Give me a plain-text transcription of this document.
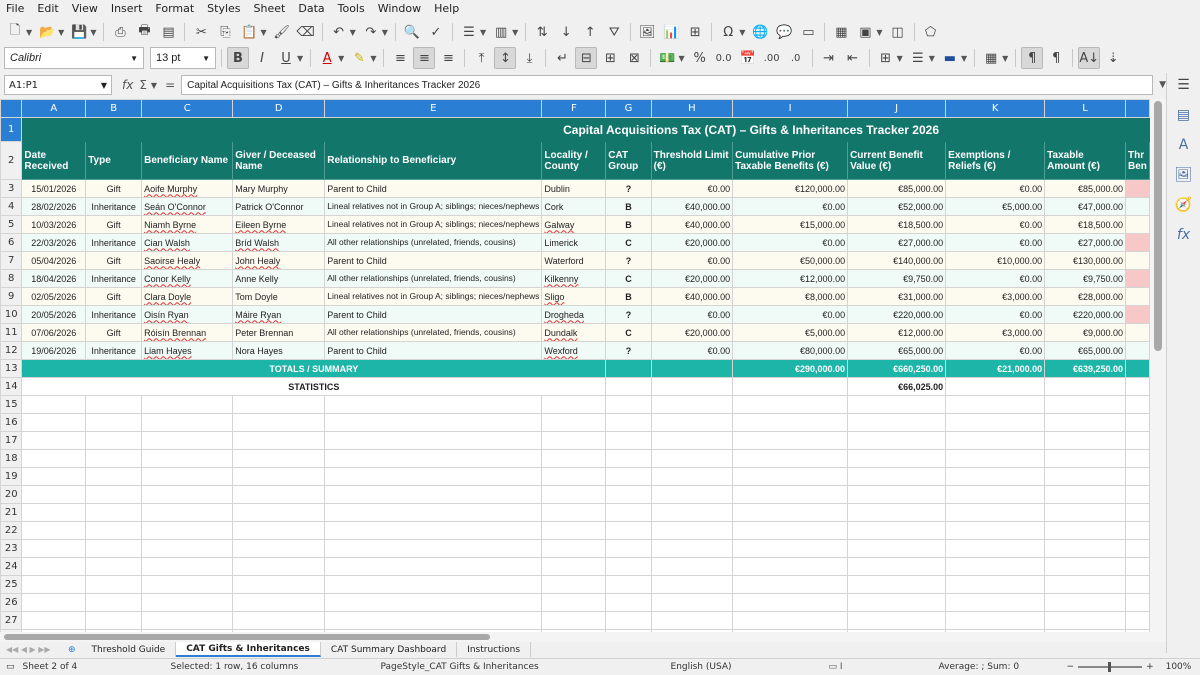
File Edit View Insert Format Styles Sheet Data Tools Window Help
🗋 ▼ 📂 ▼ 💾 ▼	⎙ 🖶 ▤	✂	⎘ 📋 ▼ 🖌 ⌫	↶ ▼ ↷ ▼ 🔍 ✓	☰ ▼ ▥ ▼	⇅	↓	↑	⛛	🖼 📊 ⊞	Ω ▼ 🌐 💬 ▭	▦ ▣ ▼ ◫	⬠
Calibri	▼ 13 pt	▼	B	I	U ▼	A ▼ ✎ ▼	≡	≡	≡	⤒	↕	⤓	↵	⊟	⊞	⊠	💵 ▼ % 0.0 📅 .00	.0	⇥	⇤	⊞ ▼ ☰ ▼ ▬ ▼	▦ ▼	¶	¶	A↓ ⇣
A1:P1	▼ fx Σ ▼ = Capital Acquisitions Tax (CAT) – Gifts & Inheritances Tracker 2026	▼
	A	B	C	D	E	F	G	H	I	J	K	L	
1	Capital Acquisitions Tax (CAT) – Gifts & Inheritances Tracker 2026												
2	Date Received	Type	Beneficiary Name	Giver / Deceased Name	Relationship to Beneficiary	Locality / County	CAT Group	Threshold Limit (€)	Cumulative Prior Taxable Benefits (€)	Current Benefit Value (€)	Exemptions / Reliefs (€)	Taxable Amount (€)	Thr Ben
3	15/01/2026	Gift	Aoife Murphy	Mary Murphy	Parent to Child	Dublin	?	€0.00	€120,000.00	€85,000.00	€0.00	€85,000.00	
4	28/02/2026	Inheritance	Seán O'Connor	Patrick O'Connor	Lineal relatives not in Group A; siblings; nieces/nephews	Cork	B	€40,000.00	€0.00	€52,000.00	€5,000.00	€47,000.00	
5	10/03/2026	Gift	Niamh Byrne	Eileen Byrne	Lineal relatives not in Group A; siblings; nieces/nephews	Galway	B	€40,000.00	€15,000.00	€18,500.00	€0.00	€18,500.00	
6	22/03/2026	Inheritance	Cian Walsh	Bríd Walsh	All other relationships (unrelated, friends, cousins)	Limerick	C	€20,000.00	€0.00	€27,000.00	€0.00	€27,000.00	
7	05/04/2026	Gift	Saoirse Healy	John Healy	Parent to Child	Waterford	?	€0.00	€50,000.00	€140,000.00	€10,000.00	€130,000.00	
8	18/04/2026	Inheritance	Conor Kelly	Anne Kelly	All other relationships (unrelated, friends, cousins)	Kilkenny	C	€20,000.00	€12,000.00	€9,750.00	€0.00	€9,750.00	
9	02/05/2026	Gift	Clara Doyle	Tom Doyle	Lineal relatives not in Group A; siblings; nieces/nephews	Sligo	B	€40,000.00	€8,000.00	€31,000.00	€3,000.00	€28,000.00	
10	20/05/2026	Inheritance	Oisín Ryan	Máire Ryan	Parent to Child	Drogheda	?	€0.00	€0.00	€220,000.00	€0.00	€220,000.00	
11	07/06/2026	Gift	Róisín Brennan	Peter Brennan	All other relationships (unrelated, friends, cousins)	Dundalk	C	€20,000.00	€5,000.00	€12,000.00	€3,000.00	€9,000.00	
12	19/06/2026	Inheritance	Liam Hayes	Nora Hayes	Parent to Child	Wexford	?	€0.00	€80,000.00	€65,000.00	€0.00	€65,000.00	
13	TOTALS / SUMMARY								€290,000.00	€660,250.00	€21,000.00	€639,250.00	
14	STATISTICS									€66,025.00			
15													
16													
17													
18													
19													
20													
21													
22													
23													
24													
25													
26													
27													

☰
▤
A
🖼
🧭
fx
◀◀ ◀ ▶ ▶▶	⊕	Threshold Guide	CAT Gifts & Inheritances	CAT Summary Dashboard	Instructions
▭ Sheet 2 of 4	Selected: 1 row, 16 columns	PageStyle_CAT Gifts & Inheritances	English (USA)	▭ I	Average: ; Sum: 0	−	+ 100%
